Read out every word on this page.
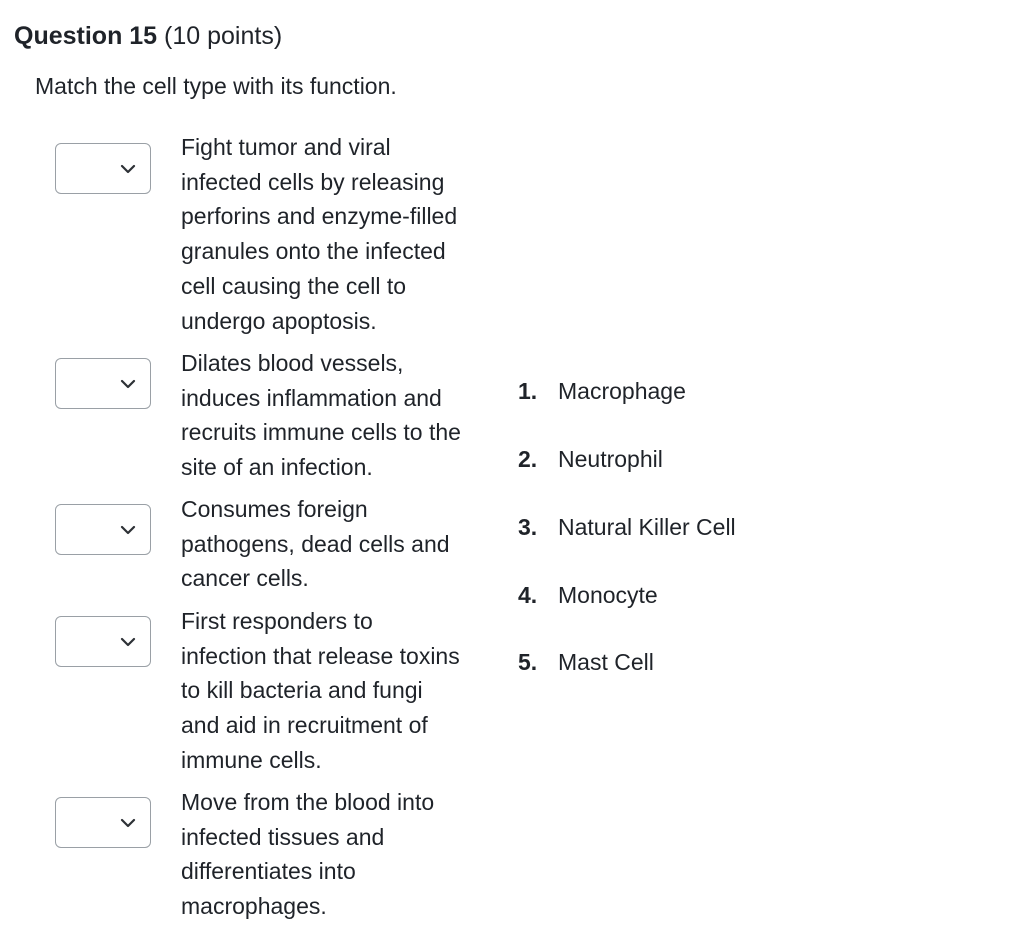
Question 15 (10 points)
Match the cell type with its function.
Fight tumor and viral
infected cells by releasing
perforins and enzyme-filled
granules onto the infected
cell causing the cell to
undergo apoptosis.
Dilates blood vessels,
induces inflammation and
recruits immune cells to the
site of an infection.
Consumes foreign
pathogens, dead cells and
cancer cells.
First responders to
infection that release toxins
to kill bacteria and fungi
and aid in recruitment of
immune cells.
Move from the blood into
infected tissues and
differentiates into
macrophages.
1. Macrophage
2. Neutrophil
3. Natural Killer Cell
4. Monocyte
5. Mast Cell
